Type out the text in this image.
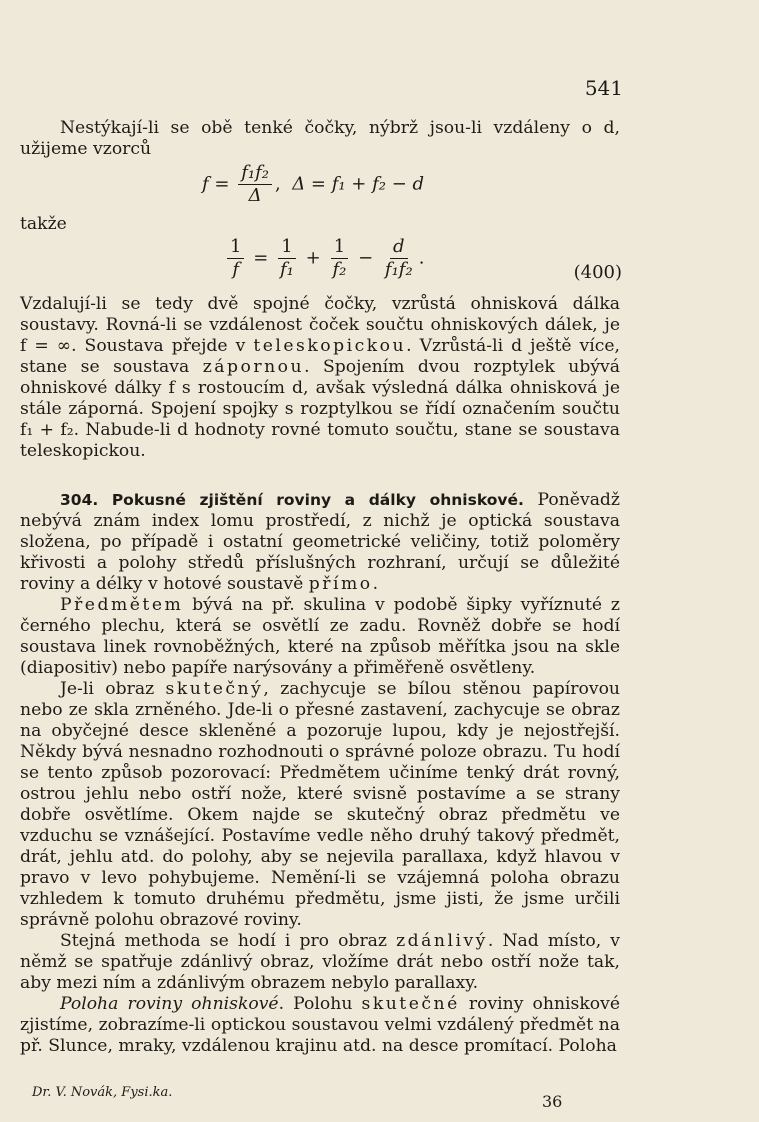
541

Nestýkají-li se obě tenké čočky, nýbrž jsou-li vzdáleny o d, užijeme vzorců

$f = \frac{\text{f₁f₂}}{\Delta}$ , Δ = f₁ + f₂ − d

takže

$\frac{1}{f} = \frac{1}{\text{f₁}} + \frac{1}{\text{f₂}} - \frac{d}{\text{f₁f₂}}$ .
(400)

Vzdalují-li se tedy dvě spojné čočky, vzrůstá ohnisková dálka soustavy. Rovná-li se vzdálenost čoček součtu ohniskových dálek, je f = ∞. Soustava přejde v teleskopickou. Vzrůstá-li d ještě více, stane se soustava zápornou. Spojením dvou rozptylek ubývá ohniskové dálky f s rostoucím d, avšak výsledná dálka ohnisková je stále záporná. Spojení spojky s rozptylkou se řídí označením součtu f₁ + f₂. Nabude-li d hodnoty rovné tomuto součtu, stane se soustava teleskopickou.

304. Pokusné zjištění roviny a dálky ohniskové. Poněvadž nebývá znám index lomu prostředí, z nichž je optická soustava složena, po případě i ostatní geometrické veličiny, totiž poloměry křivosti a polohy středů příslušných rozhraní, určují se důležité roviny a délky v hotové soustavě přímo.

Předmětem bývá na př. skulina v podobě šipky vyříznuté z černého plechu, která se osvětlí ze zadu. Rovněž dobře se hodí soustava linek rovnoběžných, které na způsob měřítka jsou na skle (diapositiv) nebo papíře narýsovány a přiměřeně osvětleny.

Je-li obraz skutečný, zachycuje se bílou stěnou papírovou nebo ze skla zrněného. Jde-li o přesné zastavení, zachycuje se obraz na obyčejné desce skleněné a pozoruje lupou, kdy je nejostřejší. Někdy bývá nesnadno rozhodnouti o správné poloze obrazu. Tu hodí se tento způsob pozorovací: Předmětem učiníme tenký drát rovný, ostrou jehlu nebo ostří nože, které svisně postavíme a se strany dobře osvětlíme. Okem najde se skutečný obraz předmětu ve vzduchu se vznášející. Postavíme vedle něho druhý takový předmět, drát, jehlu atd. do polohy, aby se nejevila parallaxa, když hlavou v pravo v levo pohybujeme. Nemění-li se vzájemná poloha obrazu vzhledem k tomuto druhému předmětu, jsme jisti, že jsme určili správně polohu obrazové roviny.

Stejná methoda se hodí i pro obraz zdánlivý. Nad místo, v němž se spatřuje zdánlivý obraz, vložíme drát nebo ostří nože tak, aby mezi ním a zdánlivým obrazem nebylo parallaxy.

Poloha roviny ohniskové. Polohu skutečné roviny ohniskové zjistíme, zobrazíme-li optickou soustavou velmi vzdálený předmět na př. Slunce, mraky, vzdálenou krajinu atd. na desce promítací. Poloha

Dr. V. Novák, Fysi.ka.	36
